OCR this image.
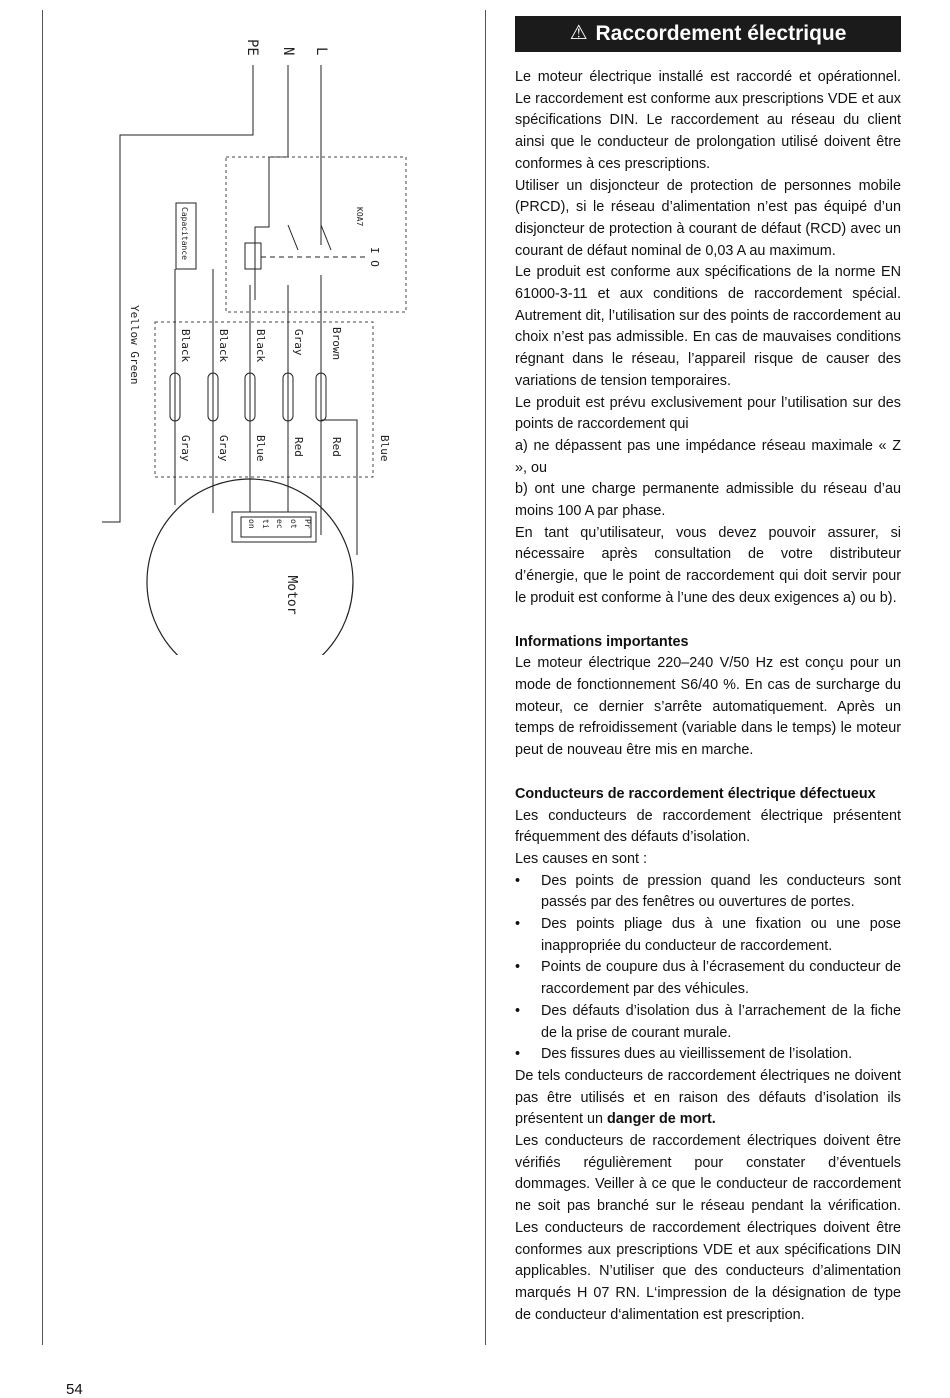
Motor
L
N
PE
KOA7
I O
Capacitance
Pr
ot
ec
ti
on
Brown
Gray
Black
Black
Black
Yellow Green
Red
Red
Blue
Gray
Gray	Blue
⚠ Raccordement électrique

Le moteur électrique installé est raccordé et opérationnel. Le raccordement est conforme aux prescriptions VDE et aux spécifications DIN. Le raccordement au réseau du client ainsi que le conducteur de prolongation utilisé doivent être conformes à ces prescriptions.

Utiliser un disjoncteur de protection de personnes mobile (PRCD), si le réseau d’alimentation n’est pas équipé d’un disjoncteur de protection à courant de défaut (RCD) avec un courant de défaut nominal de 0,03 A au maximum.

Le produit est conforme aux spécifications de la norme EN 61000-3-11 et aux conditions de raccordement spécial. Autrement dit, l’utilisation sur des points de raccordement au choix n’est pas admissible. En cas de mauvaises conditions régnant dans le réseau, l’appareil risque de causer des variations de tension temporaires.

Le produit est prévu exclusivement pour l’utilisation sur des points de raccordement qui

a) ne dépassent pas une impédance réseau maximale « Z », ou

b) ont une charge permanente admissible du réseau d’au moins 100 A par phase.

En tant qu’utilisateur, vous devez pouvoir assurer, si nécessaire après consultation de votre distributeur d’énergie, que le point de raccordement qui doit servir pour le produit est conforme à l’une des deux exigences a) ou b).

Informations importantes

Le moteur électrique 220–240 V/50 Hz est conçu pour un mode de fonctionnement S6/40 %. En cas de surcharge du moteur, ce dernier s’arrête automatiquement. Après un temps de refroidissement (variable dans le temps) le moteur peut de nouveau être mis en marche.

Conducteurs de raccordement électrique défectueux

Les conducteurs de raccordement électrique présentent fréquemment des défauts d’isolation.

Les causes en sont :

• Des points de pression quand les conducteurs sont passés par des fenêtres ou ouvertures de portes.
• Des points pliage dus à une fixation ou une pose inappropriée du conducteur de raccordement.
• Points de coupure dus à l’écrasement du conducteur de raccordement par des véhicules.
• Des défauts d’isolation dus à l’arrachement de la fiche de la prise de courant murale.
• Des fissures dues au vieillissement de l’isolation.

De tels conducteurs de raccordement électriques ne doivent pas être utilisés et en raison des défauts d’isolation ils présentent un danger de mort.

Les conducteurs de raccordement électriques doivent être vérifiés régulièrement pour constater d’éventuels dommages. Veiller à ce que le conducteur de raccordement ne soit pas branché sur le réseau pendant la vérification. Les conducteurs de raccordement électriques doivent être conformes aux prescriptions VDE et aux spécifications DIN applicables. N’utiliser que des conducteurs d’alimentation marqués H 07 RN. L‘impression de la désignation de type de conducteur d‘alimentation est prescription.

54
